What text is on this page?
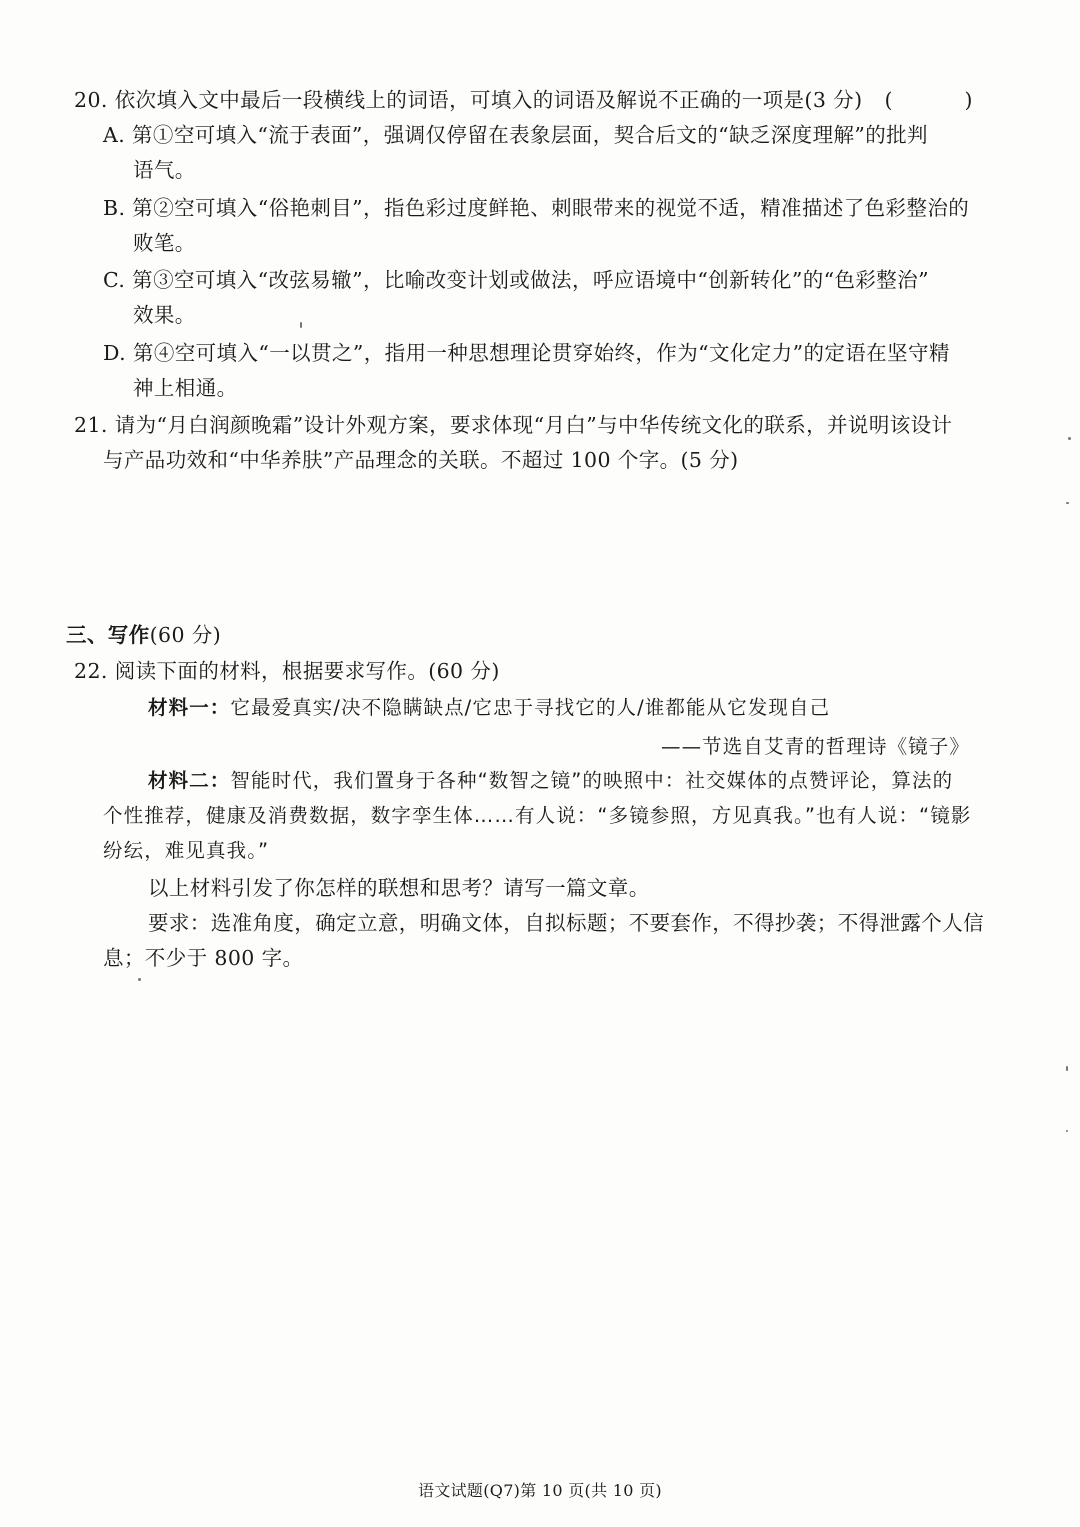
20. 依次填入文中最后一段横线上的词语，可填入的词语及解说不正确的一项是(3 分) (	)
A. 第①空可填入“流于表面”，强调仅停留在表象层面，契合后文的“缺乏深度理解”的批判
语气。
B. 第②空可填入“俗艳刺目”，指色彩过度鲜艳、刺眼带来的视觉不适，精准描述了色彩整治的
败笔。
C. 第③空可填入“改弦易辙”，比喻改变计划或做法，呼应语境中“创新转化”的“色彩整治”
效果。
D. 第④空可填入“一以贯之”，指用一种思想理论贯穿始终，作为“文化定力”的定语在坚守精
神上相通。
21. 请为“月白润颜晚霜”设计外观方案，要求体现“月白”与中华传统文化的联系，并说明该设计
与产品功效和“中华养肤”产品理念的关联。不超过 100 个字。(5 分)
三、写作(60 分)
22. 阅读下面的材料，根据要求写作。(60 分)
材料一：它最爱真实/决不隐瞒缺点/它忠于寻找它的人/谁都能从它发现自己
——节选自艾青的哲理诗《镜子》
材料二：智能时代，我们置身于各种“数智之镜”的映照中：社交媒体的点赞评论，算法的
个性推荐，健康及消费数据，数字孪生体……有人说：“多镜参照，方见真我。”也有人说：“镜影
纷纭，难见真我。”
以上材料引发了你怎样的联想和思考？请写一篇文章。
要求：选准角度，确定立意，明确文体，自拟标题；不要套作，不得抄袭；不得泄露个人信
息；不少于 800 字。
语文试题(Q7)第 10 页(共 10 页)
